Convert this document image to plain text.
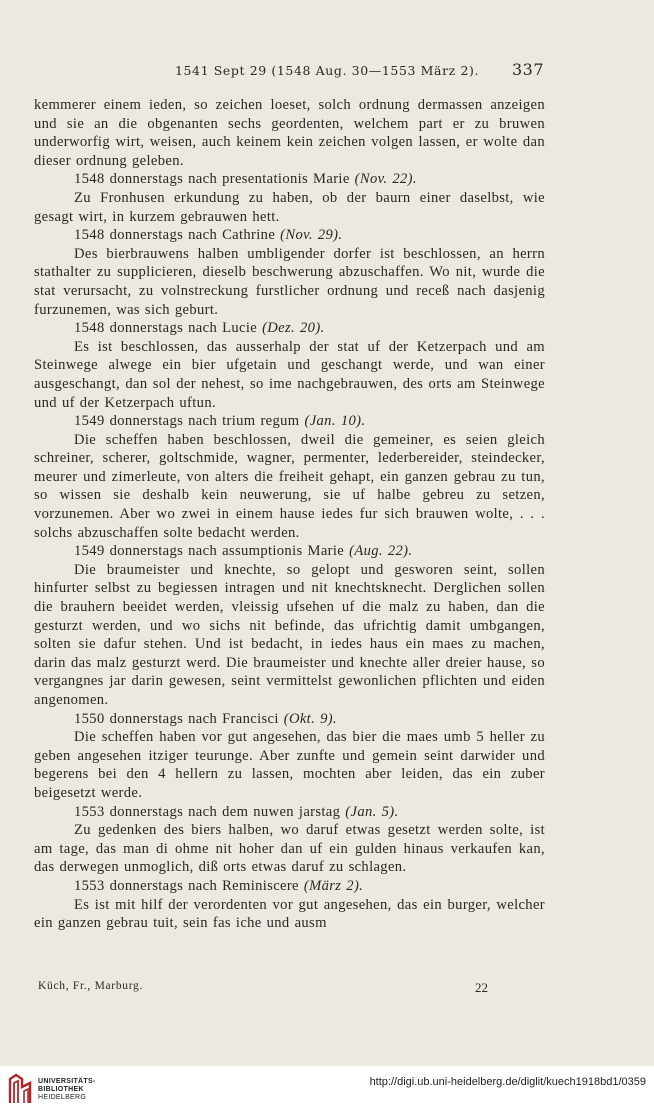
1541 Sept 29 (1548 Aug. 30—1553 März 2).	337

kemmerer einem ieden, so zeichen loeset, solch ordnung dermassen anzeigen und sie an die obgenanten sechs geordenten, welchem part er zu bruwen underworfig wirt, weisen, auch keinem kein zeichen volgen lassen, er wolte dan dieser ordnung geleben.

1548 donnerstags nach presentationis Marie (Nov. 22).

Zu Fronhusen erkundung zu haben, ob der baurn einer daselbst, wie gesagt wirt, in kurzem gebrauwen hett.

1548 donnerstags nach Cathrine (Nov. 29).

Des bierbrauwens halben umbligender dorfer ist beschlossen, an herrn stathalter zu supplicieren, dieselb beschwerung abzuschaffen. Wo nit, wurde die stat verursacht, zu volnstreckung furstlicher ordnung und receß nach dasjenig furzunemen, was sich geburt.

1548 donnerstags nach Lucie (Dez. 20).

Es ist beschlossen, das ausserhalp der stat uf der Ketzerpach und am Steinwege alwege ein bier ufgetain und geschangt werde, und wan einer ausgeschangt, dan sol der nehest, so ime nachgebrauwen, des orts am Steinwege und uf der Ketzerpach uftun.

1549 donnerstags nach trium regum (Jan. 10).

Die scheffen haben beschlossen, dweil die gemeiner, es seien gleich schreiner, scherer, goltschmide, wagner, permenter, lederbereider, steindecker, meurer und zimerleute, von alters die freiheit gehapt, ein ganzen gebrau zu tun, so wissen sie deshalb kein neuwerung, sie uf halbe gebreu zu setzen, vorzunemen. Aber wo zwei in einem hause iedes fur sich brauwen wolte, . . . solchs abzuschaffen solte bedacht werden.

1549 donnerstags nach assumptionis Marie (Aug. 22).

Die braumeister und knechte, so gelopt und gesworen seint, sollen hinfurter selbst zu begiessen intragen und nit knechtsknecht. Derglichen sollen die brauhern beeidet werden, vleissig ufsehen uf die malz zu haben, dan die gesturzt werden, und wo sichs nit befinde, das ufrichtig damit umbgangen, solten sie dafur stehen. Und ist bedacht, in iedes haus ein maes zu machen, darin das malz gesturzt werd. Die braumeister und knechte aller dreier hause, so vergangnes jar darin gewesen, seint vermittelst gewonlichen pflichten und eiden angenomen.

1550 donnerstags nach Francisci (Okt. 9).

Die scheffen haben vor gut angesehen, das bier die maes umb 5 heller zu geben angesehen itziger teurunge. Aber zunfte und gemein seint darwider und begerens bei den 4 hellern zu lassen, mochten aber leiden, das ein zuber beigesetzt werde.

1553 donnerstags nach dem nuwen jarstag (Jan. 5).

Zu gedenken des biers halben, wo daruf etwas gesetzt werden solte, ist am tage, das man di ohme nit hoher dan uf ein gulden hinaus verkaufen kan, das derwegen unmoglich, diß orts etwas daruf zu schlagen.

1553 donnerstags nach Reminiscere (März 2).

Es ist mit hilf der verordenten vor gut angesehen, das ein burger, welcher ein ganzen gebrau tuit, sein fas iche und ausm

Küch, Fr., Marburg.	22
UNIVERSITÄTS-
BIBLIOTHEK
HEIDELBERG
http://digi.ub.uni-heidelberg.de/diglit/kuech1918bd1/0359
